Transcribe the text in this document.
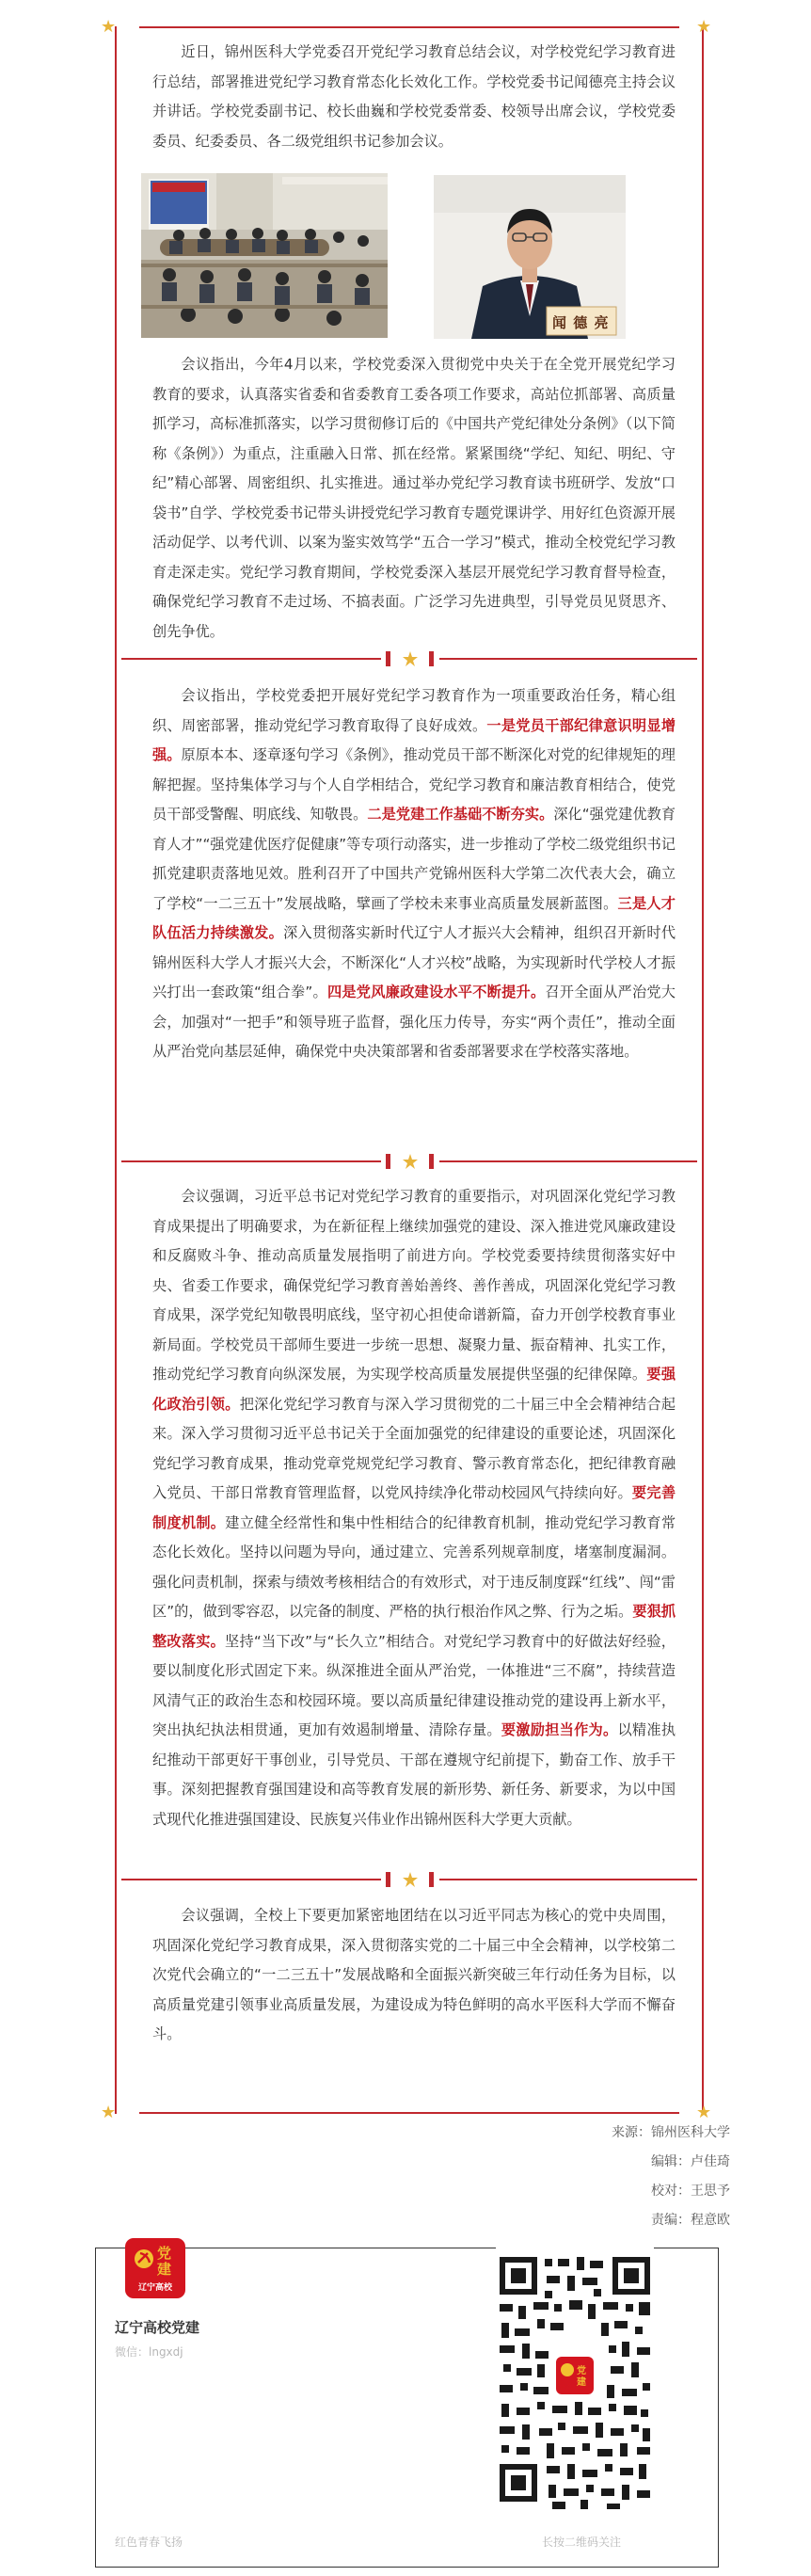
★	★
★	★

近日，锦州医科大学党委召开党纪学习教育总结会议，对学校党纪学习教育进行总结，部署推进党纪学习教育常态化长效化工作。学校党委书记闻德亮主持会议并讲话。学校党委副书记、校长曲巍和学校党委常委、校领导出席会议，学校党委委员、纪委委员、各二级党组织书记参加会议。

闻 德 亮

会议指出，今年4月以来，学校党委深入贯彻党中央关于在全党开展党纪学习教育的要求，认真落实省委和省委教育工委各项工作要求，高站位抓部署、高质量抓学习，高标准抓落实，以学习贯彻修订后的《中国共产党纪律处分条例》（以下简称《条例》）为重点，注重融入日常、抓在经常。紧紧围绕“学纪、知纪、明纪、守纪”精心部署、周密组织、扎实推进。通过举办党纪学习教育读书班研学、发放“口袋书”自学、学校党委书记带头讲授党纪学习教育专题党课讲学、用好红色资源开展活动促学、以考代训、以案为鉴实效笃学“五合一学习”模式，推动全校党纪学习教育走深走实。党纪学习教育期间，学校党委深入基层开展党纪学习教育督导检查，确保党纪学习教育不走过场、不搞表面。广泛学习先进典型，引导党员见贤思齐、创先争优。

会议指出，学校党委把开展好党纪学习教育作为一项重要政治任务，精心组织、周密部署，推动党纪学习教育取得了良好成效。一是党员干部纪律意识明显增强。原原本本、逐章逐句学习《条例》，推动党员干部不断深化对党的纪律规矩的理解把握。坚持集体学习与个人自学相结合，党纪学习教育和廉洁教育相结合，使党员干部受警醒、明底线、知敬畏。二是党建工作基础不断夯实。深化“强党建优教育育人才”“强党建优医疗促健康”等专项行动落实，进一步推动了学校二级党组织书记抓党建职责落地见效。胜利召开了中国共产党锦州医科大学第二次代表大会，确立了学校“一二三五十”发展战略，擘画了学校未来事业高质量发展新蓝图。三是人才队伍活力持续激发。深入贯彻落实新时代辽宁人才振兴大会精神，组织召开新时代锦州医科大学人才振兴大会，不断深化“人才兴校”战略，为实现新时代学校人才振兴打出一套政策“组合拳”。四是党风廉政建设水平不断提升。召开全面从严治党大会，加强对“一把手”和领导班子监督，强化压力传导，夯实“两个责任”，推动全面从严治党向基层延伸，确保党中央决策部署和省委部署要求在学校落实落地。

会议强调，习近平总书记对党纪学习教育的重要指示，对巩固深化党纪学习教育成果提出了明确要求，为在新征程上继续加强党的建设、深入推进党风廉政建设和反腐败斗争、推动高质量发展指明了前进方向。学校党委要持续贯彻落实好中央、省委工作要求，确保党纪学习教育善始善终、善作善成，巩固深化党纪学习教育成果，深学党纪知敬畏明底线，坚守初心担使命谱新篇，奋力开创学校教育事业新局面。学校党员干部师生要进一步统一思想、凝聚力量、振奋精神、扎实工作，推动党纪学习教育向纵深发展，为实现学校高质量发展提供坚强的纪律保障。要强化政治引领。把深化党纪学习教育与深入学习贯彻党的二十届三中全会精神结合起来。深入学习贯彻习近平总书记关于全面加强党的纪律建设的重要论述，巩固深化党纪学习教育成果，推动党章党规党纪学习教育、警示教育常态化，把纪律教育融入党员、干部日常教育管理监督，以党风持续净化带动校园风气持续向好。要完善制度机制。建立健全经常性和集中性相结合的纪律教育机制，推动党纪学习教育常态化长效化。坚持以问题为导向，通过建立、完善系列规章制度，堵塞制度漏洞。强化问责机制，探索与绩效考核相结合的有效形式，对于违反制度踩“红线”、闯“雷区”的，做到零容忍，以完备的制度、严格的执行根治作风之弊、行为之垢。要狠抓整改落实。坚持“当下改”与“长久立”相结合。对党纪学习教育中的好做法好经验，要以制度化形式固定下来。纵深推进全面从严治党，一体推进“三不腐”，持续营造风清气正的政治生态和校园环境。要以高质量纪律建设推动党的建设再上新水平，突出执纪执法相贯通，更加有效遏制增量、清除存量。要激励担当作为。以精准执纪推动干部更好干事创业，引导党员、干部在遵规守纪前提下，勤奋工作、放手干事。深刻把握教育强国建设和高等教育发展的新形势、新任务、新要求，为以中国式现代化推进强国建设、民族复兴伟业作出锦州医科大学更大贡献。

会议强调，全校上下要更加紧密地团结在以习近平同志为核心的党中央周围，巩固深化党纪学习教育成果，深入贯彻落实党的二十届三中全会精神，以学校第二次党代会确立的“一二三五十”发展战略和全面振兴新突破三年行动任务为目标，以高质量党建引领事业高质量发展，为建设成为特色鲜明的高水平医科大学而不懈奋斗。

来源：锦州医科大学
编辑：卢佳琦
校对：王思予
责编：程意欧
党
建
辽宁高校
辽宁高校党建
微信：lngxdj
党
建
红色青春飞扬	长按二维码关注
